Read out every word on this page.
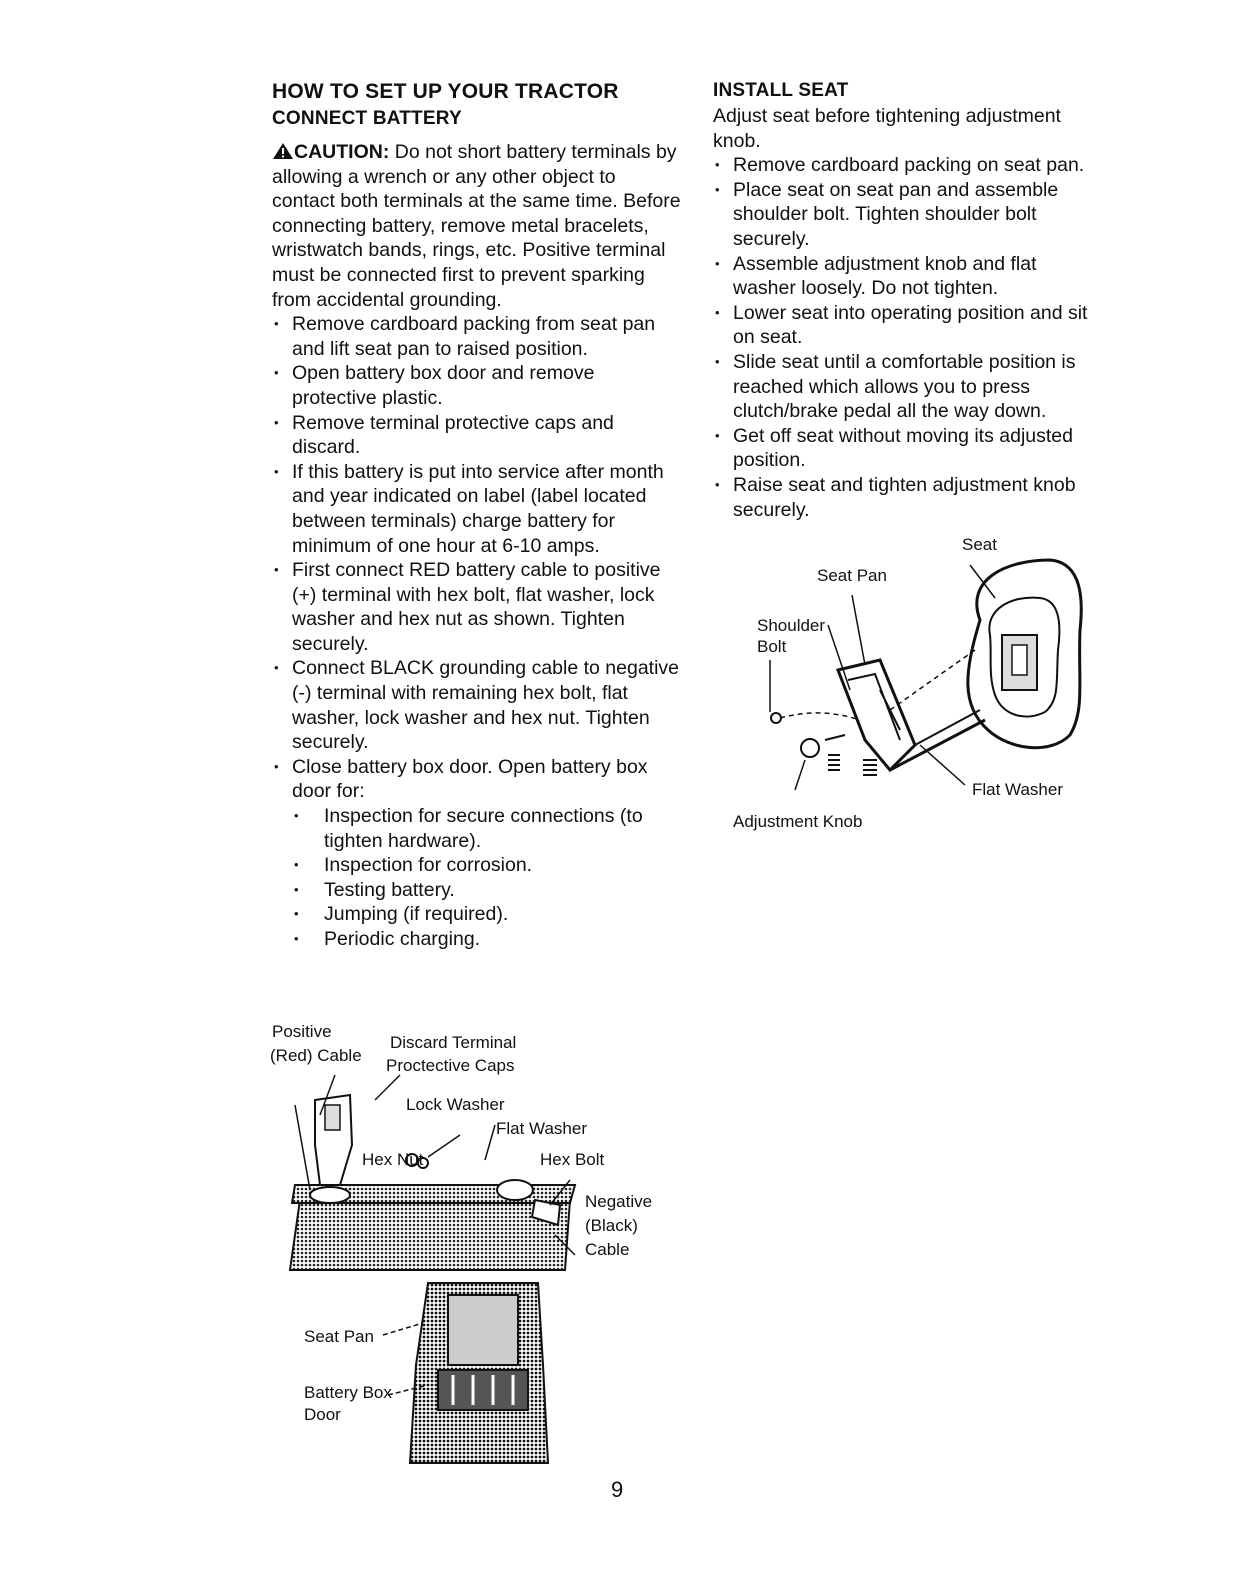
HOW TO SET UP YOUR TRACTOR
CONNECT BATTERY

CAUTION: Do not short battery terminals by allowing a wrench or any other object to contact both terminals at the same time. Before connecting battery, remove metal bracelets, wristwatch bands, rings, etc. Positive terminal must be connected first to prevent sparking from accidental grounding.

• Remove cardboard packing from seat pan and lift seat pan to raised position.
• Open battery box door and remove protective plastic.
• Remove terminal protective caps and discard.
• If this battery is put into service after month and year indicated on label (label located between terminals) charge battery for minimum of one hour at 6-10 amps.
• First connect RED battery cable to positive (+) terminal with hex bolt, flat washer, lock washer and hex nut as shown. Tighten securely.
• Connect BLACK grounding cable to negative (-) terminal with remaining hex bolt, flat washer, lock washer and hex nut. Tighten securely.
• Close battery box door. Open battery box door for:
• Inspection for secure connections (to tighten hardware).
• Inspection for corrosion.
• Testing battery.
• Jumping (if required).
• Periodic charging.
INSTALL SEAT

Adjust seat before tightening adjustment knob.

• Remove cardboard packing on seat pan.
• Place seat on seat pan and assemble shoulder bolt. Tighten shoulder bolt securely.
• Assemble adjustment knob and flat washer loosely. Do not tighten.
• Lower seat into operating position and sit on seat.
• Slide seat until a comfortable position is reached which allows you to press clutch/brake pedal all the way down.
• Get off seat without moving its adjusted position.
• Raise seat and tighten adjustment knob securely.
Seat
Seat Pan
Shoulder
Bolt
Flat Washer
Adjustment Knob
Positive
(Red) Cable
Discard Terminal
Proctective Caps
Lock Washer
Flat Washer
Hex Nut	Hex Bolt
Negative
(Black)
Cable
Seat Pan
Battery Box
Door
9
